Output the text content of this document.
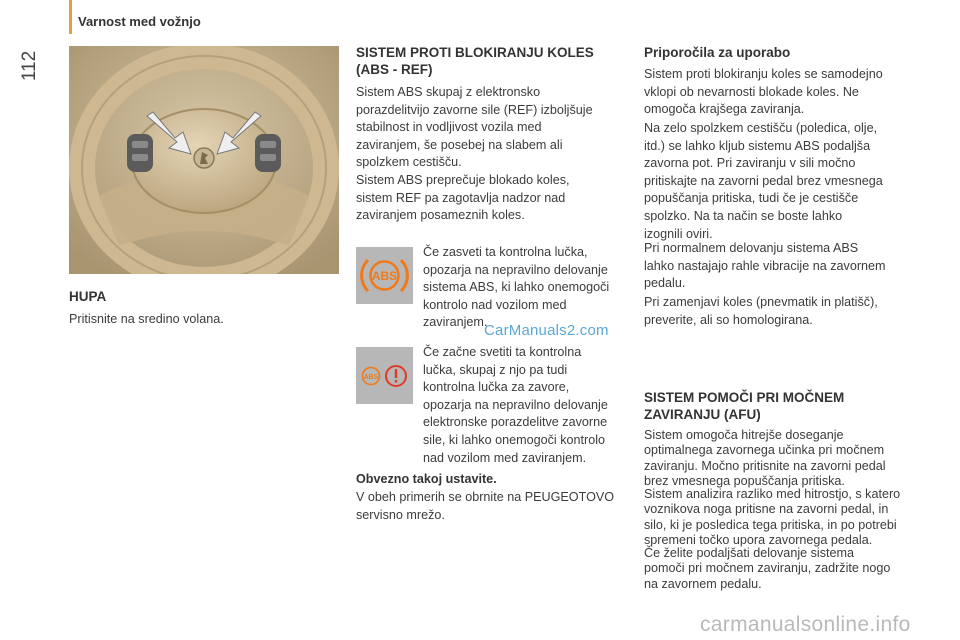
Varnost med vožnjo
112
HUPA

Pritisnite na sredino volana.

SISTEM PROTI BLOKIRANJU KOLES
(ABS - REF)

Sistem ABS skupaj z elektronsko

porazdelitvijo zavorne sile (REF) izboljšuje

stabilnost in vodljivost vozila med

zaviranjem, še posebej na slabem ali

spolzkem cestišču.

Sistem ABS preprečuje blokado koles,

sistem REF pa zagotavlja nadzor nad

zaviranjem posameznih koles.

ABS

Če zasveti ta kontrolna lučka,

opozarja na nepravilno delovanje

sistema ABS, ki lahko onemogoči

kontrolo nad vozilom med

zaviranjem.

ABS

Če začne svetiti ta kontrolna

lučka, skupaj z njo pa tudi

kontrolna lučka za zavore,

opozarja na nepravilno delovanje

elektronske porazdelitve zavorne

sile, ki lahko onemogoči kontrolo

nad vozilom med zaviranjem.

Obvezno takoj ustavite.

V obeh primerih se obrnite na PEUGEOTOVO

servisno mrežo.

Priporočila za uporabo

Sistem proti blokiranju koles se samodejno

vklopi ob nevarnosti blokade koles. Ne

omogoča krajšega zaviranja.

Na zelo spolzkem cestišču (poledica, olje,

itd.) se lahko kljub sistemu ABS podaljša

zavorna pot. Pri zaviranju v sili močno

pritiskajte na zavorni pedal brez vmesnega

popuščanja pritiska, tudi če je cestišče

spolzko. Na ta način se boste lahko

izognili oviri.

Pri normalnem delovanju sistema ABS

lahko nastajajo rahle vibracije na zavornem

pedalu.

Pri zamenjavi koles (pnevmatik in platišč),

preverite, ali so homologirana.

SISTEM POMOČI PRI MOČNEM
ZAVIRANJU (AFU)

Sistem omogoča hitrejše doseganje

optimalnega zavornega učinka pri močnem

zaviranju. Močno pritisnite na zavorni pedal

brez vmesnega popuščanja pritiska.

Sistem analizira razliko med hitrostjo, s katero

voznikova noga pritisne na zavorni pedal, in

silo, ki je posledica tega pritiska, in po potrebi

spremeni točko upora zavornega pedala.

Če želite podaljšati delovanje sistema

pomoči pri močnem zaviranju, zadržite nogo

na zavornem pedalu.

CarManuals2.com
carmanualsonline.info
